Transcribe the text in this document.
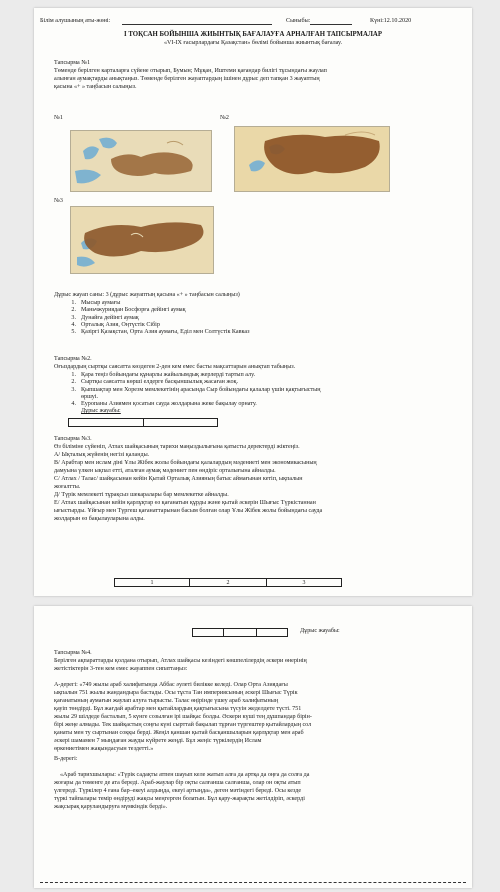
Білім алушының аты-жөні:	Сыныбы:	Күні:12.10.2020
І ТОҚСАН БОЙЫНША ЖИЫНТЫҚ БАҒАЛАУҒА АРНАЛҒАН ТАПСЫРМАЛАР
«VI-IX ғасырлардағы Қазақстан» бөлімі бойынша жиынтық бағалау.
Тапсырма №1
Төменде берілген карталарға сүйене отырып, Бумын; Мұқан, Иштеми қағандар билігі тұсындағы жаулап
алынған аумақтарды анықтаңыз. Төменде берілген жауаптардың ішінен дұрыс деп тапқан 3 жауаптың
қасына «+ » таңбасын салыңыз.
№1	№2
№3
Дұрыс жауап саны: 3 (дұрыс жауаптың қасына «+ » таңбасын салыңыз)
1. Мысыр аумағы
2. Маньчжуриядан Босфорға дейінгі аумақ
3. Дунайға дейінгі аумақ
4. Орталық Азия, Оңтүстік Сібір
5. Қазіргі Қазақстан, Орта Азия аумағы, Еділ мен Солтүстік Кавказ
Тапсырма №2.
Оғыздардың сыртқы саясатта көздеген 2-ден кем емес басты мақсаттарын анықтап табыңыз.
1. Қара теңіз бойындағы құнарлы жайылымдық жерлерді тартып алу.
2. Сыртқы саясатта көрші елдерге басқыншылық жасаған жоқ.
3. Қыпшақтар мен Хорезм мемлекетінің арасында Сыр бойындағы қалалар үшін қақтығыстың
өршуі.
4. Еуропаны Азиямен қосатын сауда жолдарына жеке бақылау орнату.
Дұрыс жауабы:

Тапсырма №3.
Өз біліміне сүйеніп, Атлах шайқасының тарихи маңыздылығына қатысты деректерді жіктеңіз.
А/ Ықталық жүйенің негізі қаланды.
В/ Арабтар мен ислам діні Ұлы Жібек жолы бойындағы қалалардың мәдениеті мен экономикасының
дамуына үлкен ықпал етті, аталған аумақ мәдениет пен өндіріс орталығына айналды.
С/ Атлах / Талас/ шайқасынан кейін Қытай Орталық Азияның батыс аймағынан кетіп, ықпалын
жоғалтты.
Д/ Түрік мемлекеті тұрақсыз шекаралары бар мемлекетке айналды.
Е/ Атлах шайқасынан кейін қарлұқтар өз қағанатын құрды және қытай әскерін Шығыс Түркістаннан
ығыстырды. Ұйғыр мен Түргеш қағанаттарынан басым болған олар Ұлы Жібек жолы бойындағы сауда
жолдарын өз бақылауларына алды.
1	2	3

Дұрыс жауабы:
Тапсырма №4.
Берілген ақпараттарды қолдана отырып, Атлах шайқасы кезіндегі көшпелілердің әскери өнерінің
жетістіктерін 3-тен кем емес жауаппен сипаттаңыз:
А-дерегі: «749 жылы араб халифатында Аббас әулеті билікке келеді. Олар Орта Азиядағы
ықпалын 751 жылы жандандыра бастады. Осы тұста Тан империясының әскері Шығыс Түрік
қағанатының аумағын жаулап алуға тырысты. Талас өңірінде үшеу араб халифатының
қауіп төндірді. Бұл жағдай арабтар мен қытайлардың қақтығысына түсуін жеделдете түсті. 751
жылы 29 шілдеде басталып, 5 күнге созылған ірі шайқас болды. Әскери күші тең дұшпандар бірін-
бірі жеңе алмады. Тек шайқастың соңғы күні сырттай бақылап тұрған түргештер қытайлардың сол
қанаты мен ту сыртынан соққы берді. Жеңіл қаншан қытай басқаншыларын қарлұқтар мен араб
әскері шамамен 7 мыңдаған жауды күйрете жеңді. Бұл жеңіс түркілердің Ислам
өркениетімен жақындасуын тездетті.»
В-дерегі:
«Араб тарихшылары: «Түрік садақты атпен шауып келе жатып алға да артқа да оңға да солға да
жоғары да төменге де ата береді. Араб-жаулар бір оқты салғанша салғанша, олар он оқты атып
үлгереді. Түркілер 4 ғана бар–екеуі алдыңда, екеуі артыңда», деген мәтіндегі береді. Осы кезде
түркі тайпалары темір өндіруді жақсы меңгерген болатын. Бұл қару-жарақты жетілдіріп, әскерді
жақсырақ қаруландыруға мүмкіндік берді».
